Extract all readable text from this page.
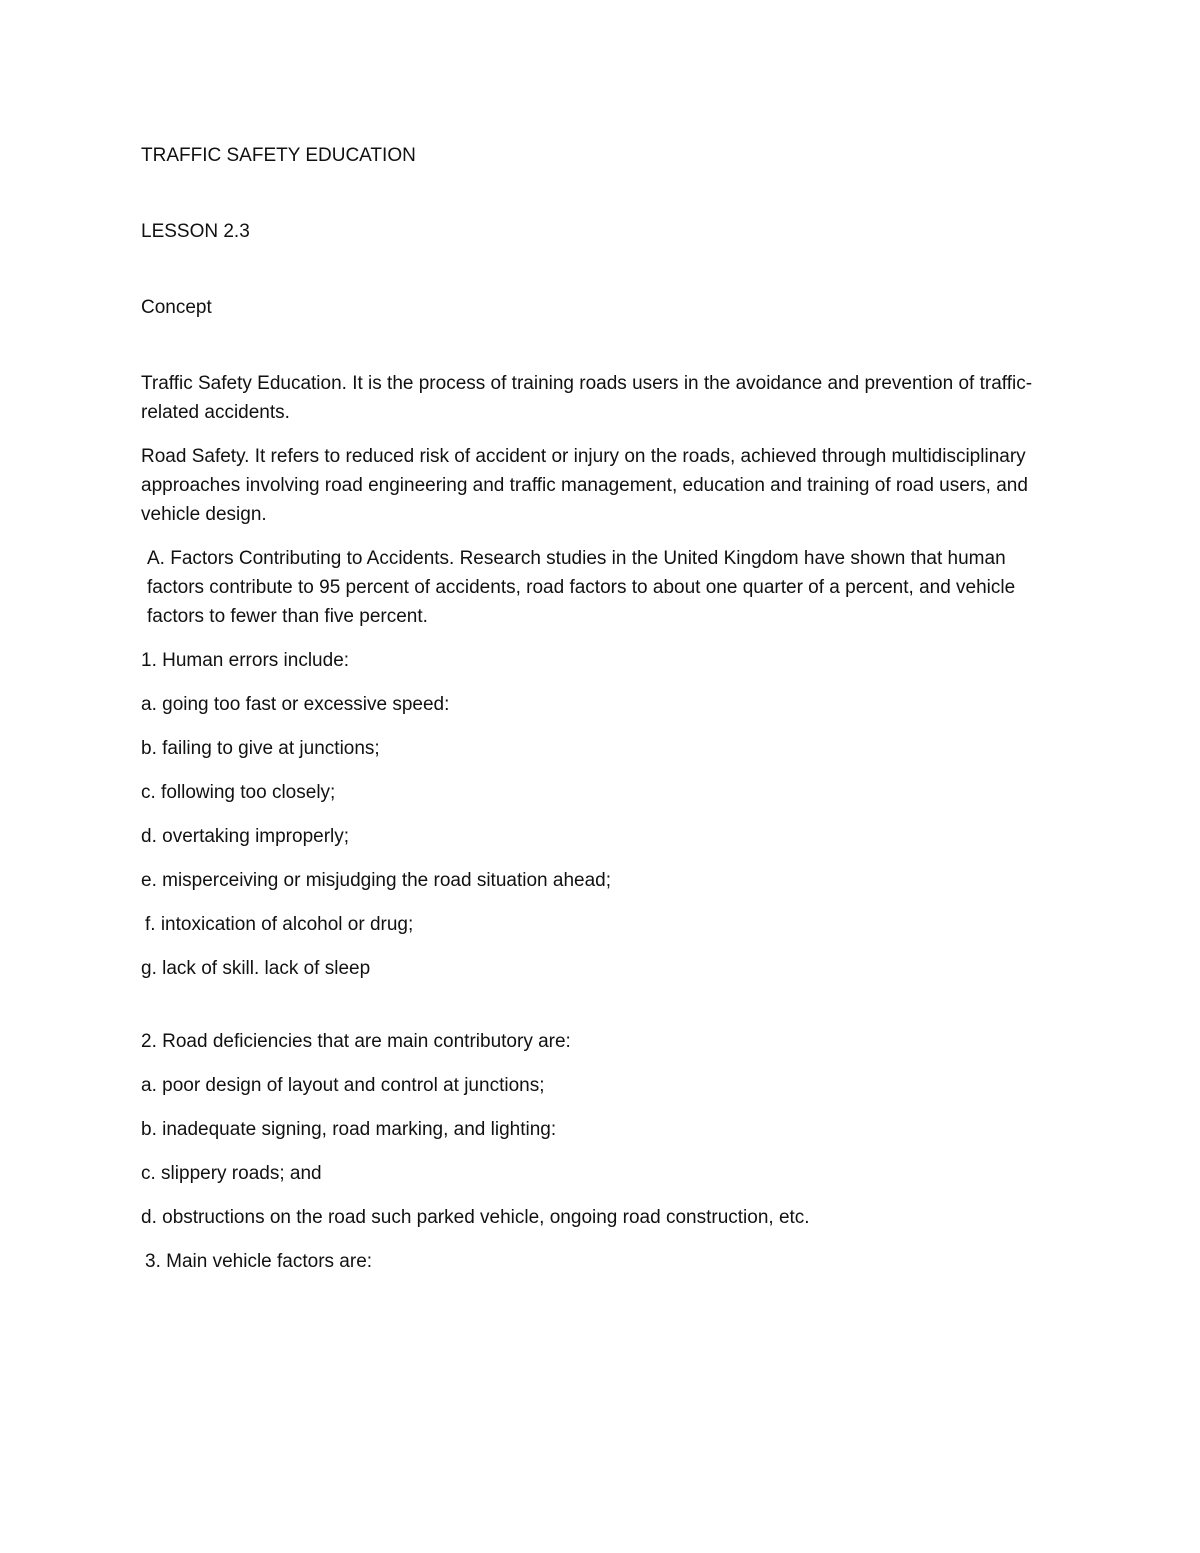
TRAFFIC SAFETY EDUCATION

LESSON 2.3

Concept

Traffic Safety Education. It is the process of training roads users in the avoidance and prevention of traffic-related accidents.

Road Safety. It refers to reduced risk of accident or injury on the roads, achieved through multidisciplinary approaches involving road engineering and traffic management, education and training of road users, and vehicle design.

A. Factors Contributing to Accidents. Research studies in the United Kingdom have shown that human factors contribute to 95 percent of accidents, road factors to about one quarter of a percent, and vehicle factors to fewer than five percent.

1. Human errors include:

a. going too fast or excessive speed:

b. failing to give at junctions;

c. following too closely;

d. overtaking improperly;

e. misperceiving or misjudging the road situation ahead;

f. intoxication of alcohol or drug;

g. lack of skill. lack of sleep

2. Road deficiencies that are main contributory are:

a. poor design of layout and control at junctions;

b. inadequate signing, road marking, and lighting:

c. slippery roads; and

d. obstructions on the road such parked vehicle, ongoing road construction, etc.

3. Main vehicle factors are:
